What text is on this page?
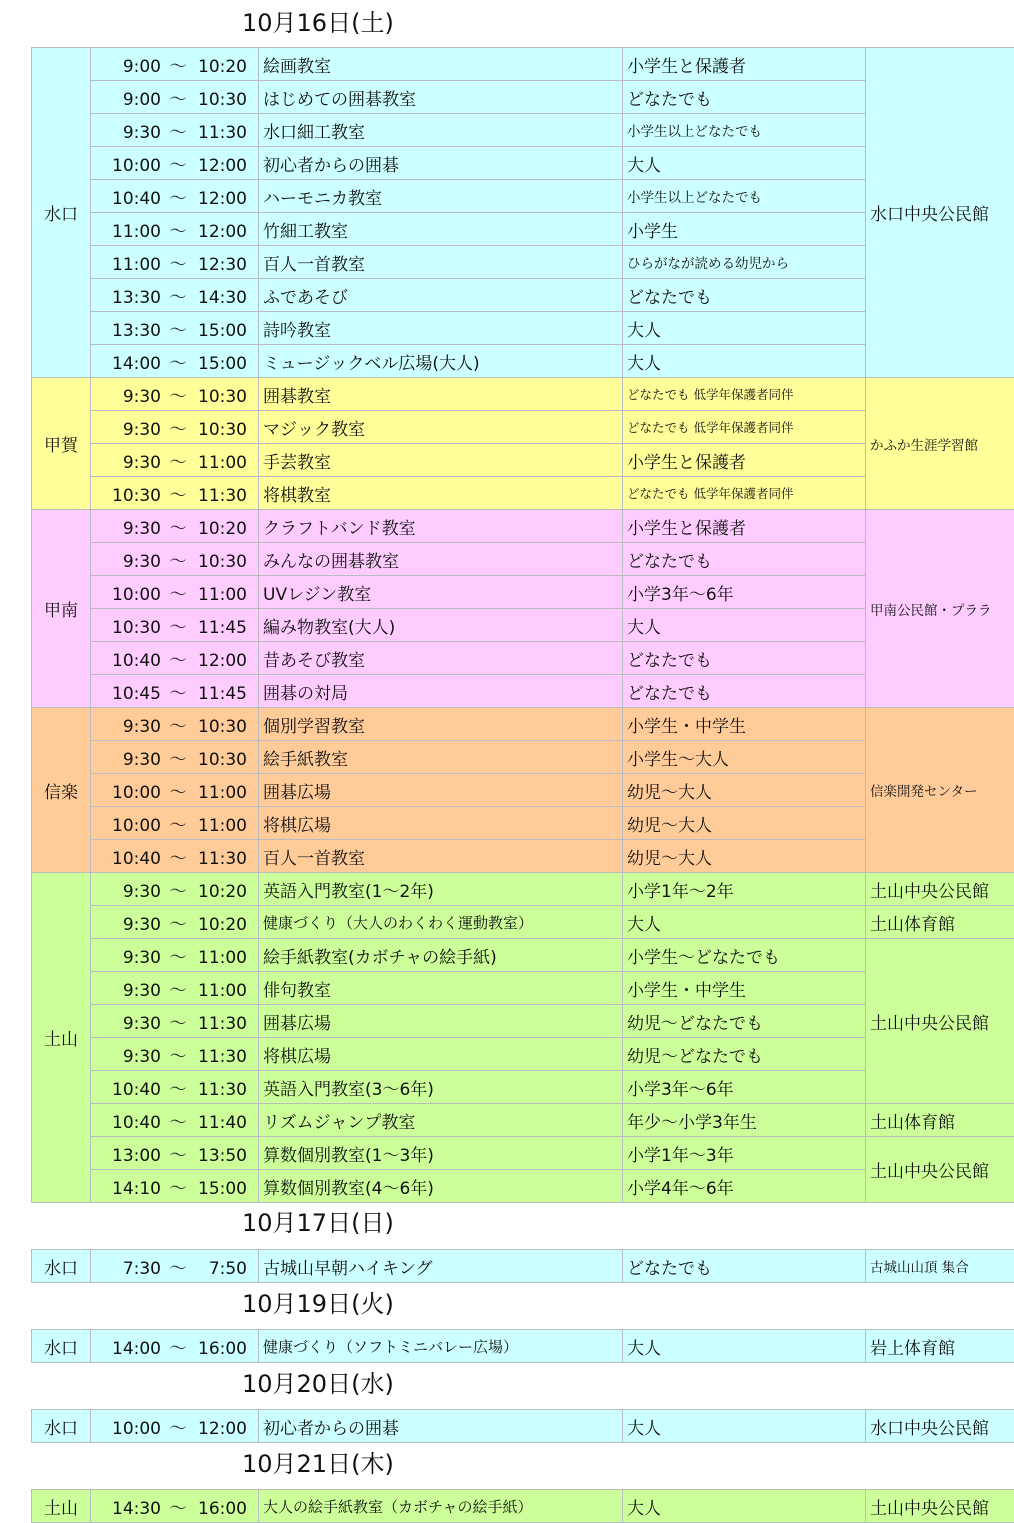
10月16日(土)
水口	9:00 ～ 10:20	絵画教室	小学生と保護者	水口中央公民館
	9:00 ～ 10:30	はじめての囲碁教室	どなたでも	
	9:30 ～ 11:30	水口細工教室	小学生以上どなたでも	
	10:00 ～ 12:00	初心者からの囲碁	大人	
	10:40 ～ 12:00	ハーモニカ教室	小学生以上どなたでも	
	11:00 ～ 12:00	竹細工教室	小学生	
	11:00 ～ 12:30	百人一首教室	ひらがなが読める幼児から	
	13:30 ～ 14:30	ふであそび	どなたでも	
	13:30 ～ 15:00	詩吟教室	大人	
	14:00 ～ 15:00	ミュージックベル広場(大人)	大人	
甲賀	9:30 ～ 10:30	囲碁教室	どなたでも 低学年保護者同伴	かふか生涯学習館
	9:30 ～ 10:30	マジック教室	どなたでも 低学年保護者同伴	
	9:30 ～ 11:00	手芸教室	小学生と保護者	
	10:30 ～ 11:30	将棋教室	どなたでも 低学年保護者同伴	
甲南	9:30 ～ 10:20	クラフトバンド教室	小学生と保護者	甲南公民館・プララ
	9:30 ～ 10:30	みんなの囲碁教室	どなたでも	
	10:00 ～ 11:00	UVレジン教室	小学3年～6年	
	10:30 ～ 11:45	編み物教室(大人)	大人	
	10:40 ～ 12:00	昔あそび教室	どなたでも	
	10:45 ～ 11:45	囲碁の対局	どなたでも	
信楽	9:30 ～ 10:30	個別学習教室	小学生・中学生	信楽開発センター
	9:30 ～ 10:30	絵手紙教室	小学生～大人	
	10:00 ～ 11:00	囲碁広場	幼児～大人	
	10:00 ～ 11:00	将棋広場	幼児～大人	
	10:40 ～ 11:30	百人一首教室	幼児～大人	
土山	9:30 ～ 10:20	英語入門教室(1～2年)	小学1年～2年	土山中央公民館
	9:30 ～ 10:20	健康づくり（大人のわくわく運動教室）	大人	土山体育館
	9:30 ～ 11:00	絵手紙教室(カボチャの絵手紙)	小学生～どなたでも	土山中央公民館
	9:30 ～ 11:00	俳句教室	小学生・中学生	
	9:30 ～ 11:30	囲碁広場	幼児～どなたでも	
	9:30 ～ 11:30	将棋広場	幼児～どなたでも	
	10:40 ～ 11:30	英語入門教室(3～6年)	小学3年～6年	
	10:40 ～ 11:40	リズムジャンプ教室	年少～小学3年生	土山体育館
	13:00 ～ 13:50	算数個別教室(1～3年)	小学1年～3年	土山中央公民館
	14:10 ～ 15:00	算数個別教室(4～6年)	小学4年～6年	
10月17日(日)
水口	7:30 ～ 7:50	古城山早朝ハイキング	どなたでも	古城山山頂 集合
10月19日(火)
水口	14:00 ～ 16:00	健康づくり（ソフトミニバレー広場）	大人	岩上体育館
10月20日(水)
水口	10:00 ～ 12:00	初心者からの囲碁	大人	水口中央公民館
10月21日(木)
土山	14:30 ～ 16:00	大人の絵手紙教室（カボチャの絵手紙）	大人	土山中央公民館
